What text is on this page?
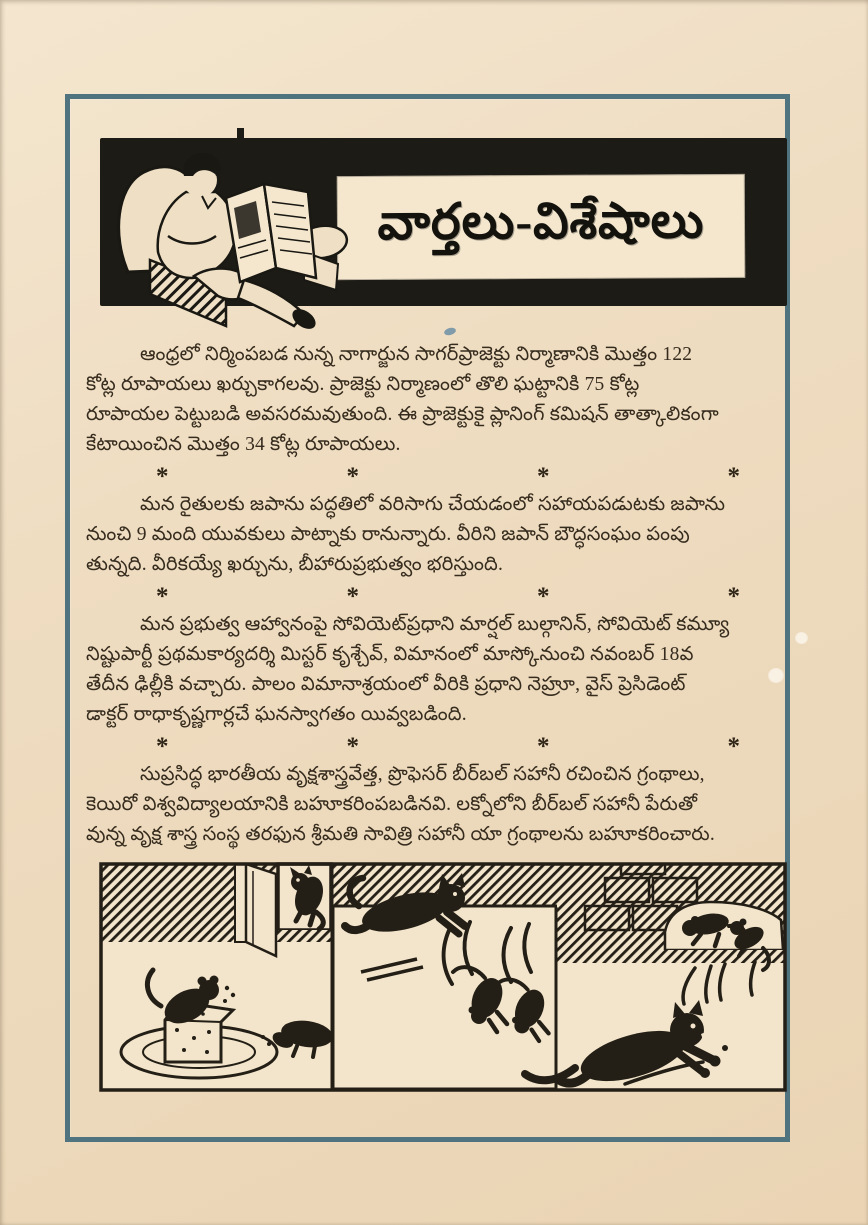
వార్తలు-విశేషాలు
ఆంధ్రలో నిర్మింపబడ నున్న నాగార్జున సాగర్‌ప్రాజెక్టు నిర్మాణానికి మొత్తం 122
కోట్ల రూపాయలు ఖర్చుకాగలవు. ప్రాజెక్టు నిర్మాణంలో తొలి ఘట్టానికి 75 కోట్ల
రూపాయల పెట్టుబడి అవసరమవుతుంది. ఈ ప్రాజెక్టుకై ప్లానింగ్ కమిషన్ తాత్కాలికంగా
కేటాయించిన మొత్తం 34 కోట్ల రూపాయలు.
*	*	*	*
మన రైతులకు జపాను పద్ధతిలో వరిసాగు చేయడంలో సహాయపడుటకు జపాను
నుంచి 9 మంది యువకులు పాట్నాకు రానున్నారు. వీరిని జపాన్ బౌద్ధసంఘం పంపు
తున్నది. వీరికయ్యే ఖర్చును, బీహారుప్రభుత్వం భరిస్తుంది.
*	*	*	*
మన ప్రభుత్వ ఆహ్వానంపై సోవియెట్‌ప్రధాని మార్షల్ బుల్గానిన్, సోవియెట్ కమ్యూ
నిష్టుపార్టీ ప్రథమకార్యదర్శి మిస్టర్ కృశ్చేవ్, విమానంలో మాస్కోనుంచి నవంబర్ 18వ
తేదీన ఢిల్లీకి వచ్చారు. పాలం విమానాశ్రయంలో వీరికి ప్రధాని నెహ్రూ, వైస్ ప్రెసిడెంట్
డాక్టర్ రాధాకృష్ణగార్లచే ఘనస్వాగతం యివ్వబడింది.
*	*	*	*
సుప్రసిద్ధ భారతీయ వృక్షశాస్త్రవేత్త, ప్రొఫెసర్ బీర్‌బల్ సహానీ రచించిన గ్రంథాలు,
కెయిరో విశ్వవిద్యాలయానికి బహూకరింపబడినవి. లక్నోలోని బీర్‌బల్ సహానీ పేరుతో
వున్న వృక్ష శాస్త్ర సంస్థ తరఫున శ్రీమతి సావిత్రి సహానీ యా గ్రంథాలను బహూకరించారు.
